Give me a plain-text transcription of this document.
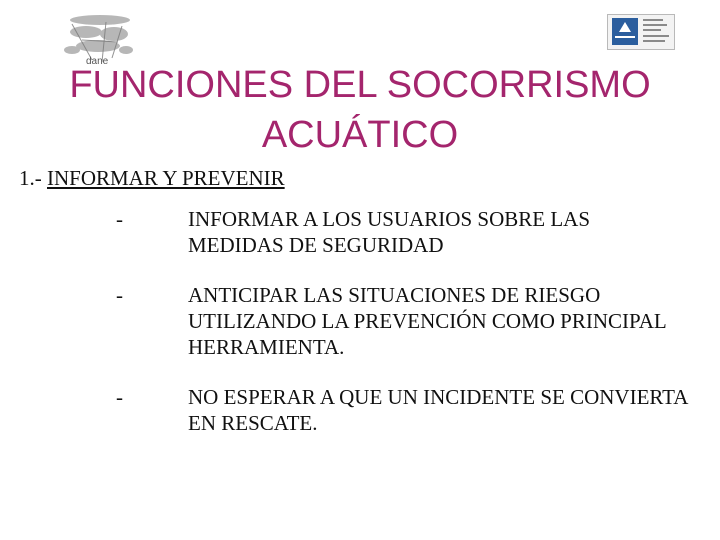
dane
FUNCIONES DEL SOCORRISMO
ACUÁTICO

1.- INFORMAR Y PREVENIR

-	INFORMAR A LOS USUARIOS SOBRE LAS MEDIDAS DE SEGURIDAD
-	ANTICIPAR LAS SITUACIONES DE RIESGO UTILIZANDO LA PREVENCIÓN COMO PRINCIPAL HERRAMIENTA.
-	NO ESPERAR A QUE UN INCIDENTE SE CONVIERTA EN RESCATE.
